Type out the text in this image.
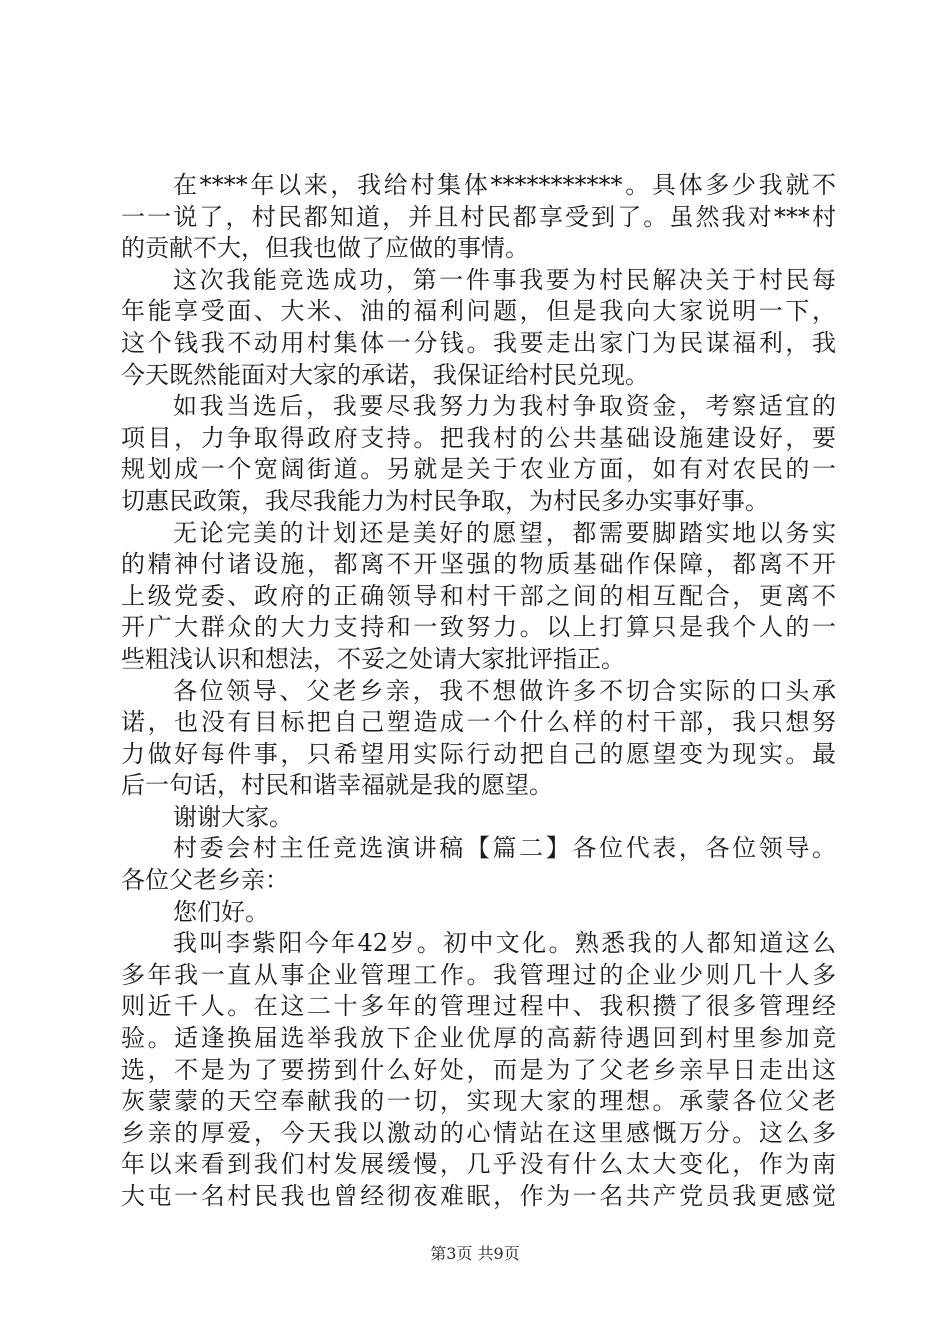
在****年以来，我给村集体***********。具体多少我就不
一一说了，村民都知道，并且村民都享受到了。虽然我对***村
的贡献不大，但我也做了应做的事情。
这次我能竞选成功，第一件事我要为村民解决关于村民每
年能享受面、大米、油的福利问题，但是我向大家说明一下，
这个钱我不动用村集体一分钱。我要走出家门为民谋福利，我
今天既然能面对大家的承诺，我保证给村民兑现。
如我当选后，我要尽我努力为我村争取资金，考察适宜的
项目，力争取得政府支持。把我村的公共基础设施建设好，要
规划成一个宽阔街道。另就是关于农业方面，如有对农民的一
切惠民政策，我尽我能力为村民争取，为村民多办实事好事。
无论完美的计划还是美好的愿望，都需要脚踏实地以务实
的精神付诸设施，都离不开坚强的物质基础作保障，都离不开
上级党委、政府的正确领导和村干部之间的相互配合，更离不
开广大群众的大力支持和一致努力。以上打算只是我个人的一
些粗浅认识和想法，不妥之处请大家批评指正。
各位领导、父老乡亲，我不想做许多不切合实际的口头承
诺，也没有目标把自己塑造成一个什么样的村干部，我只想努
力做好每件事，只希望用实际行动把自己的愿望变为现实。最
后一句话，村民和谐幸福就是我的愿望。
谢谢大家。
村委会村主任竞选演讲稿【篇二】各位代表，各位领导。
各位父老乡亲：
您们好。
我叫李紫阳今年42岁。初中文化。熟悉我的人都知道这么
多年我一直从事企业管理工作。我管理过的企业少则几十人多
则近千人。在这二十多年的管理过程中、我积攒了很多管理经
验。适逢换届选举我放下企业优厚的高薪待遇回到村里参加竞
选，不是为了要捞到什么好处，而是为了父老乡亲早日走出这
灰蒙蒙的天空奉献我的一切，实现大家的理想。承蒙各位父老
乡亲的厚爱，今天我以激动的心情站在这里感慨万分。这么多
年以来看到我们村发展缓慢，几乎没有什么太大变化，作为南
大屯一名村民我也曾经彻夜难眠，作为一名共产党员我更感觉
第3页 共9页
